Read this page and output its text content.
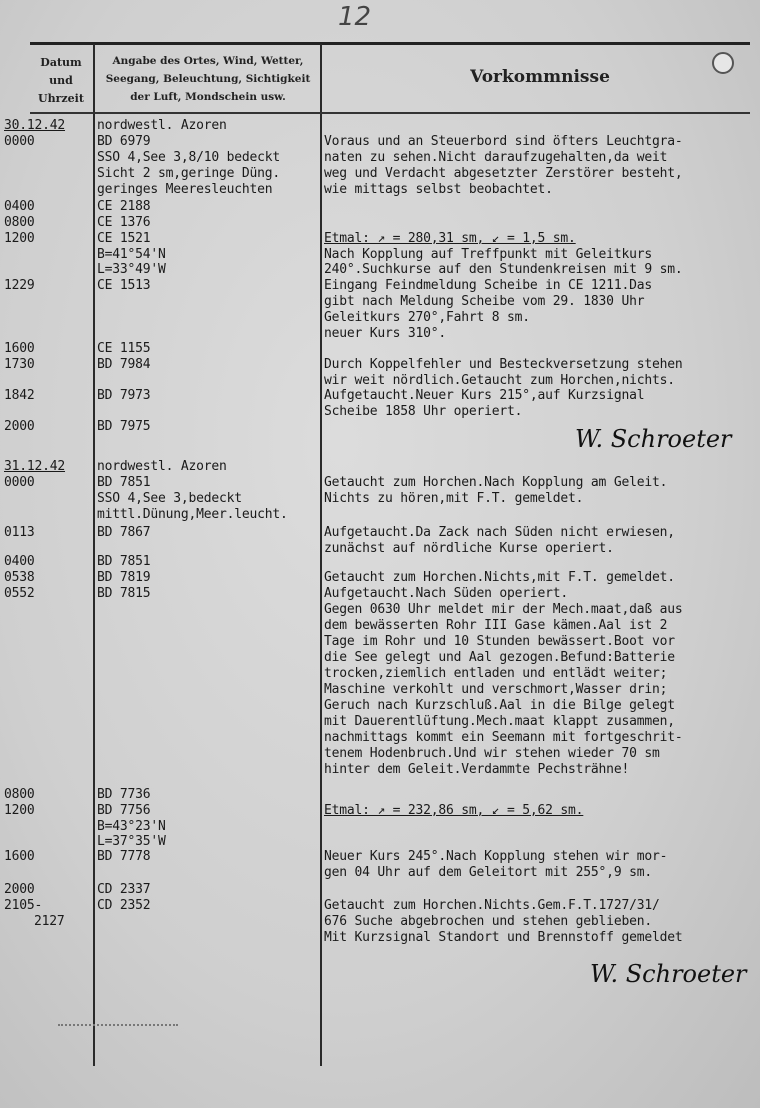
12
Datum und Uhrzeit
Angabe des Ortes, Wind, Wetter, Seegang, Beleuchtung, Sichtigkeit der Luft, Mondschein usw.
Vorkommnisse
30.12.42
0000
0400
0800
1200
1229
1600
1730
1842
2000
31.12.42
0000
0113
0400
0538
0552
0800
1200
1600
2000
2105-
2127
nordwestl. Azoren
BD 6979
SSO 4,See 3,8/10 bedeckt
Sicht 2 sm,geringe Düng.
geringes Meeresleuchten
CE 2188
CE 1376
CE 1521
B=41°54'N
L=33°49'W
CE 1513
CE 1155
BD 7984
BD 7973
BD 7975
nordwestl. Azoren
BD 7851
SSO 4,See 3,bedeckt
mittl.Dünung,Meer.leucht.
BD 7867
BD 7851
BD 7819
BD 7815
BD 7736
BD 7756
B=43°23'N
L=37°35'W
BD 7778
CD 2337
CD 2352
Voraus und an Steuerbord sind öfters Leuchtgra-
naten zu sehen.Nicht daraufzugehalten,da weit
weg und Verdacht abgesetzter Zerstörer besteht,
wie mittags selbst beobachtet.
Etmal: ↗ = 280,31 sm, ↙ = 1,5 sm.
Nach Kopplung auf Treffpunkt mit Geleitkurs
240°.Suchkurse auf den Stundenkreisen mit 9 sm.
Eingang Feindmeldung Scheibe in CE 1211.Das
gibt nach Meldung Scheibe vom 29. 1830 Uhr
Geleitkurs 270°,Fahrt 8 sm.
neuer Kurs 310°.
Durch Koppelfehler und Besteckversetzung stehen
wir weit nördlich.Getaucht zum Horchen,nichts.
Aufgetaucht.Neuer Kurs 215°,auf Kurzsignal
Scheibe 1858 Uhr operiert.
Getaucht zum Horchen.Nach Kopplung am Geleit.
Nichts zu hören,mit F.T. gemeldet.
Aufgetaucht.Da Zack nach Süden nicht erwiesen,
zunächst auf nördliche Kurse operiert.
Getaucht zum Horchen.Nichts,mit F.T. gemeldet.
Aufgetaucht.Nach Süden operiert.
Gegen 0630 Uhr meldet mir der Mech.maat,daß aus
dem bewässerten Rohr III Gase kämen.Aal ist 2
Tage im Rohr und 10 Stunden bewässert.Boot vor
die See gelegt und Aal gezogen.Befund:Batterie
trocken,ziemlich entladen und entlädt weiter;
Maschine verkohlt und verschmort,Wasser drin;
Geruch nach Kurzschluß.Aal in die Bilge gelegt
mit Dauerentlüftung.Mech.maat klappt zusammen,
nachmittags kommt ein Seemann mit fortgeschrit-
tenem Hodenbruch.Und wir stehen wieder 70 sm
hinter dem Geleit.Verdammte Pechsträhne!
Etmal: ↗ = 232,86 sm, ↙ = 5,62 sm.
Neuer Kurs 245°.Nach Kopplung stehen wir mor-
gen 04 Uhr auf dem Geleitort mit 255°,9 sm.
Getaucht zum Horchen.Nichts.Gem.F.T.1727/31/
676 Suche abgebrochen und stehen geblieben.
Mit Kurzsignal Standort und Brennstoff gemeldet
W. Schroeter
W. Schroeter
